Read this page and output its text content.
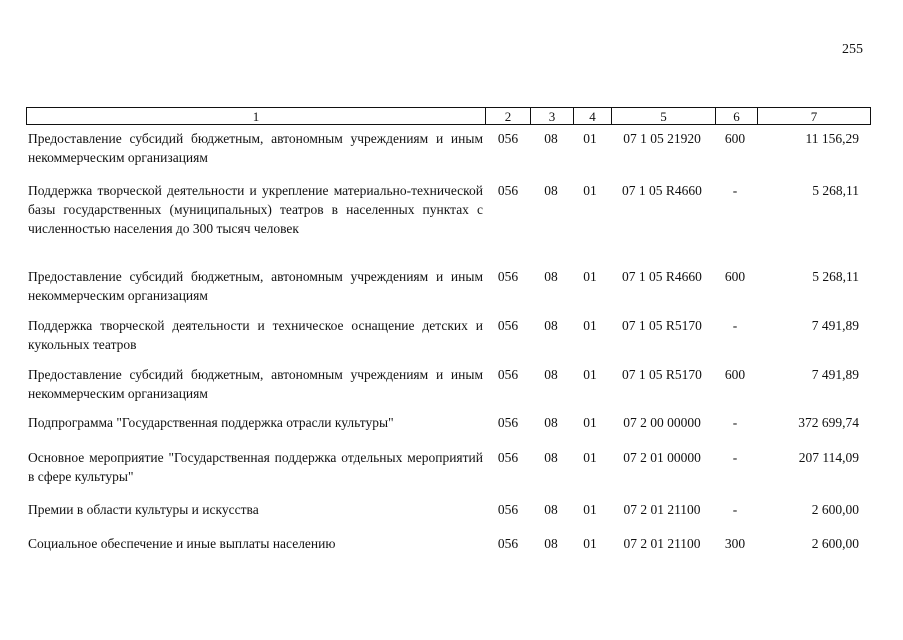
255
1	2	3	4	5	6	7
Предоставление субсидий бюджетным, автономным учреждениям и иным некоммерческим организациям
056	08	01	07 1 05 21920	600	11 156,29
Поддержка творческой деятельности и укрепление материально-технической базы государственных (муниципальных) театров в населенных пунктах с численностью населения до 300 тысяч человек
056	08	01	07 1 05 R4660	-	5 268,11
Предоставление субсидий бюджетным, автономным учреждениям и иным некоммерческим организациям
056	08	01	07 1 05 R4660	600	5 268,11
Поддержка творческой деятельности и техническое оснащение детских и кукольных театров
056	08	01	07 1 05 R5170	-	7 491,89
Предоставление субсидий бюджетным, автономным учреждениям и иным некоммерческим организациям
056	08	01	07 1 05 R5170	600	7 491,89
Подпрограмма "Государственная поддержка отрасли культуры"	056	08	01	07 2 00 00000	-	372 699,74
Основное мероприятие "Государственная поддержка отдельных мероприятий в сфере культуры"
056	08	01	07 2 01 00000	-	207 114,09
Премии в области культуры и искусства	056	08	01	07 2 01 21100	-	2 600,00
Социальное обеспечение и иные выплаты населению	056	08	01	07 2 01 21100	300	2 600,00
